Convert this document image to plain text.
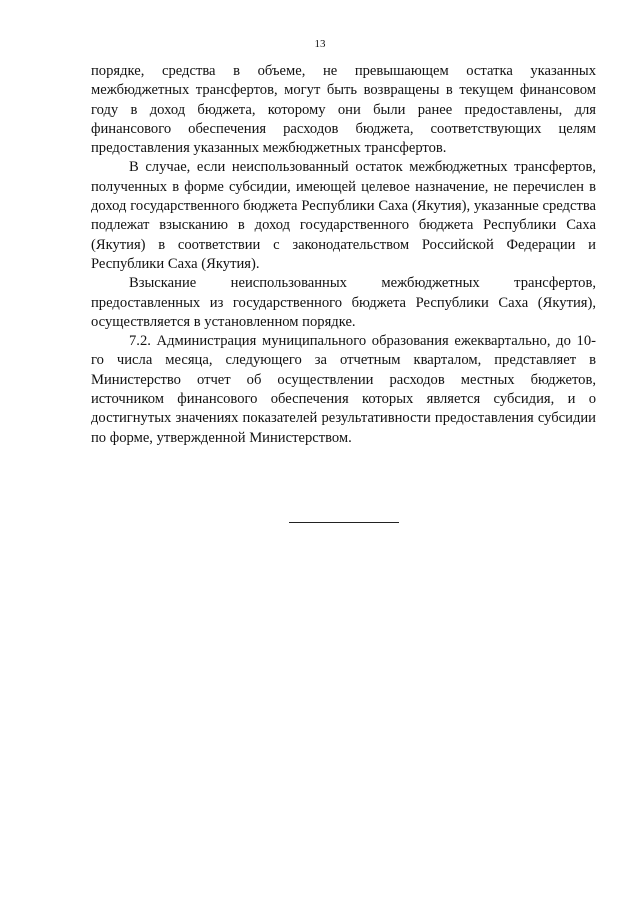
13

порядке, средства в объеме, не превышающем остатка указанных межбюджетных трансфертов, могут быть возвращены в текущем финансовом году в доход бюджета, которому они были ранее предоставлены, для финансового обеспечения расходов бюджета, соответствующих целям предоставления указанных межбюджетных трансфертов.

В случае, если неиспользованный остаток межбюджетных трансфертов, полученных в форме субсидии, имеющей целевое назначение, не перечислен в доход государственного бюджета Республики Саха (Якутия), указанные средства подлежат взысканию в доход государственного бюджета Республики Саха (Якутия) в соответствии с законодательством Российской Федерации и Республики Саха (Якутия).

Взыскание неиспользованных межбюджетных трансфертов, предоставленных из государственного бюджета Республики Саха (Якутия), осуществляется в установленном порядке.

7.2. Администрация муниципального образования ежеквартально, до 10-го числа месяца, следующего за отчетным кварталом, представляет в Министерство отчет об осуществлении расходов местных бюджетов, источником финансового обеспечения которых является субсидия, и о достигнутых значениях показателей результативности предоставления субсидии по форме, утвержденной Министерством.
